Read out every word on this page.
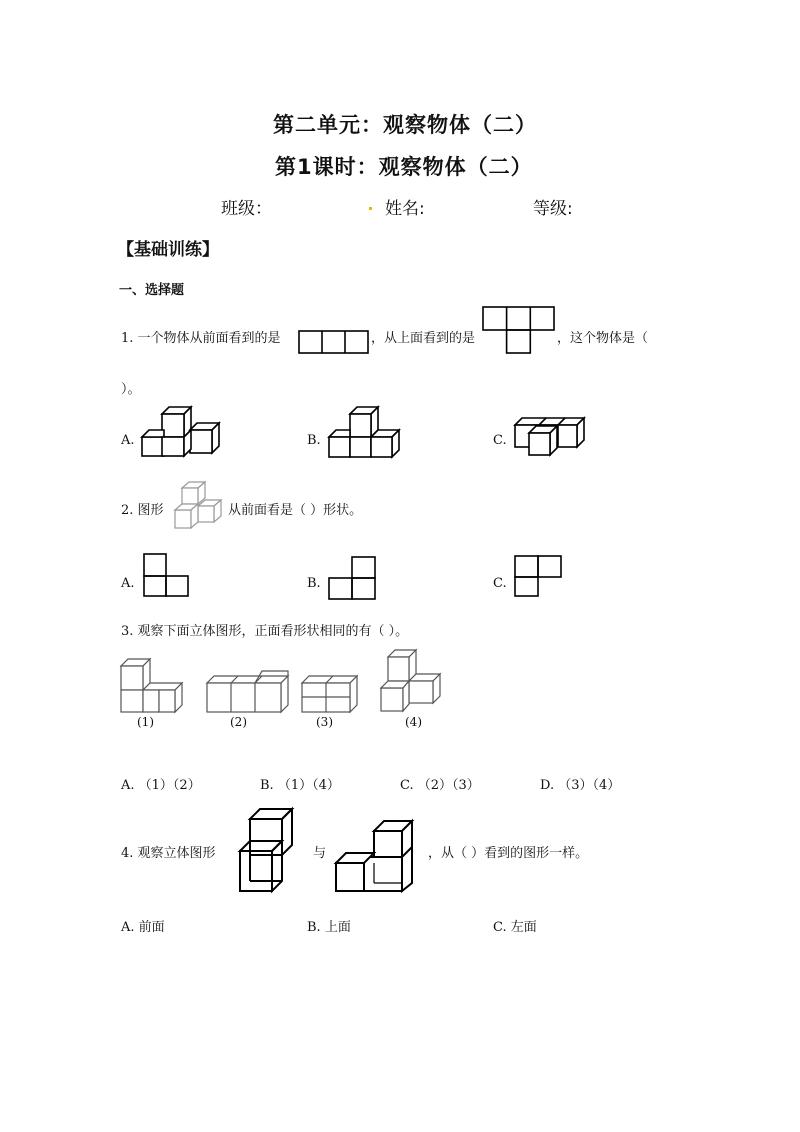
第二单元：观察物体（二）
第1课时：观察物体（二）
班级：	姓名:	等级:
【基础训练】
一、选择题
1. 一个物体从前面看到的是	，从上面看到的是	，这个物体是（
）。
A.	B.	C.
2. 图形	从前面看是（ ）形状。
A.	B.	C.
3. 观察下面立体图形，正面看形状相同的有（ ）。
(1)	(2)	(3)	(4)
A. （1）（2）	B. （1）（4）	C. （2）（3）	D. （3）（4）
4. 观察立体图形	与	，从（ ）看到的图形一样。
A. 前面	B. 上面	C. 左面
